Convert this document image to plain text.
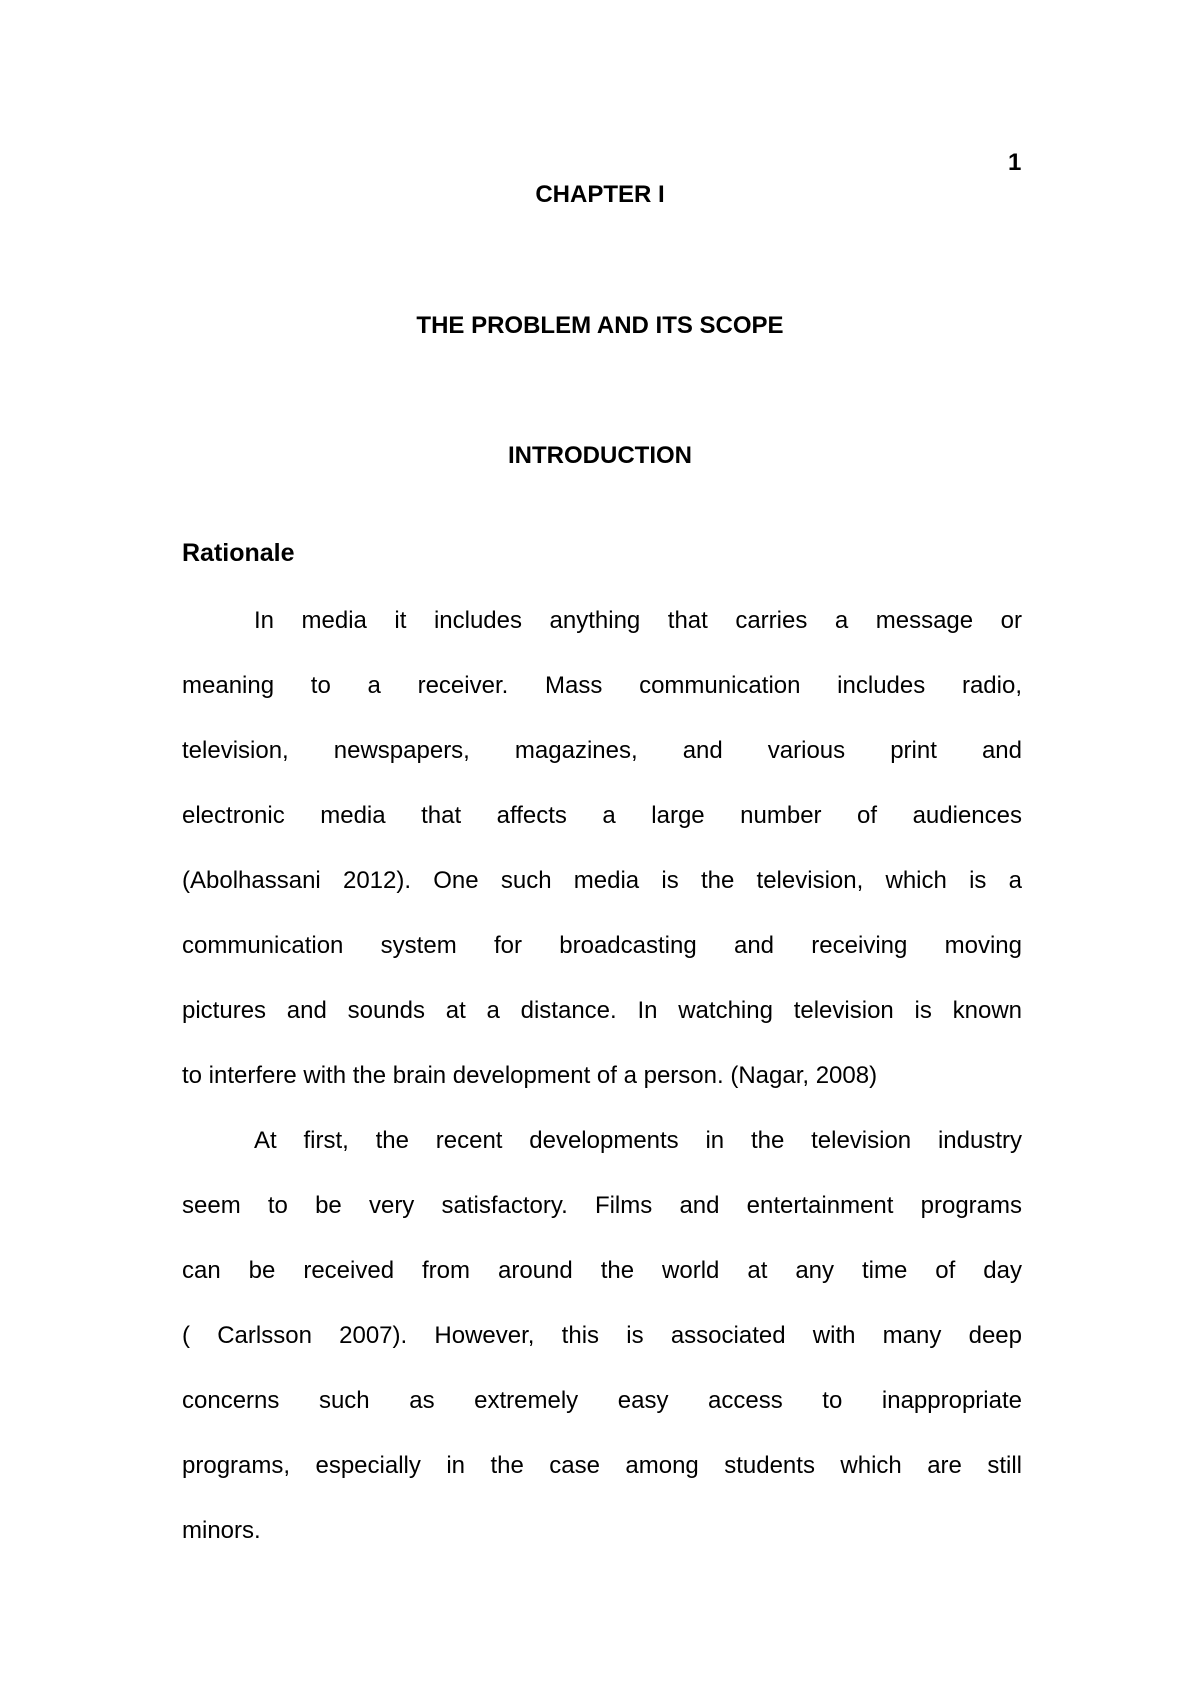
1
CHAPTER I
THE PROBLEM AND ITS SCOPE
INTRODUCTION
Rationale
In media it includes anything that carries a message or
meaning to a receiver. Mass communication includes radio,
television, newspapers, magazines, and various print and
electronic media that affects a large number of audiences
(Abolhassani 2012). One such media is the television, which is a
communication system for broadcasting and receiving moving
pictures and sounds at a distance. In watching television is known
to interfere with the brain development of a person. (Nagar, 2008)
At first, the recent developments in the television industry
seem to be very satisfactory. Films and entertainment programs
can be received from around the world at any time of day
( Carlsson 2007). However, this is associated with many deep
concerns such as extremely easy access to inappropriate
programs, especially in the case among students which are still
minors.
